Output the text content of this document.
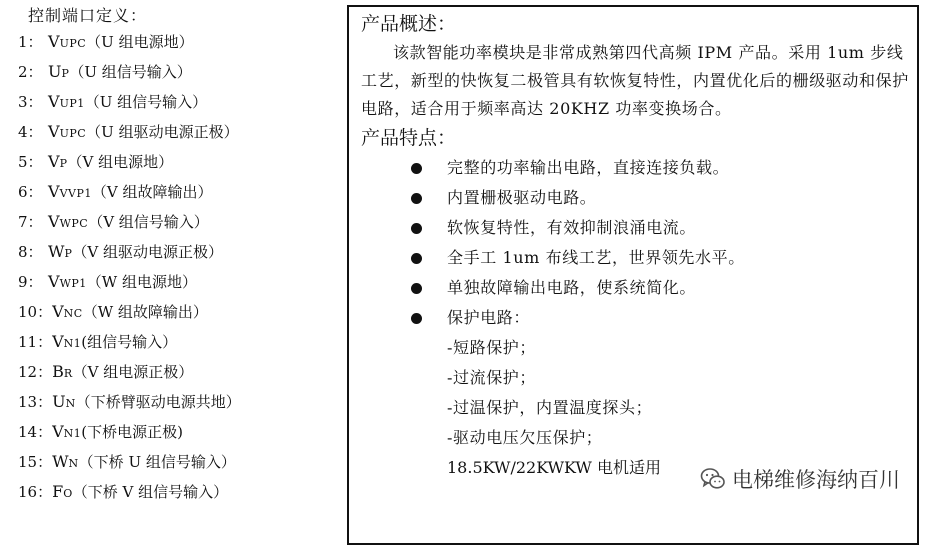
控制端口定义：
1： VUPC（U 组电源地）
2： UP（U 组信号输入）
3： VUP1（U 组信号输入）
4： VUPC（U 组驱动电源正极）
5： VP（V 组电源地）
6： VVVP1（V 组故障输出）
7： VWPC（V 组信号输入）
8： WP（V 组驱动电源正极）
9： VWP1（W 组电源地）
10：VNC（W 组故障输出）
11：VN1(组信号输入）
12：BR（V 组电源正极）
13：UN（下桥臂驱动电源共地）
14：VN1(下桥电源正极)
15：WN（下桥 U 组信号输入）
16：FO（下桥 V 组信号输入）
产品概述：

该款智能功率模块是非常成熟第四代高频 IPM 产品。采用 1um 步线工艺，新型的快恢复二极管具有软恢复特性，内置优化后的栅级驱动和保护电路，适合用于频率高达 20KHZ 功率变换场合。

产品特点：
完整的功率输出电路，直接连接负载。
内置栅极驱动电路。
软恢复特性，有效抑制浪涌电流。
全手工 1um 布线工艺，世界领先水平。
单独故障输出电路，使系统简化。
保护电路：
-短路保护；
-过流保护；
-过温保护，内置温度探头；
-驱动电压欠压保护；
18.5KW/22KWKW 电机适用
电梯维修海纳百川
